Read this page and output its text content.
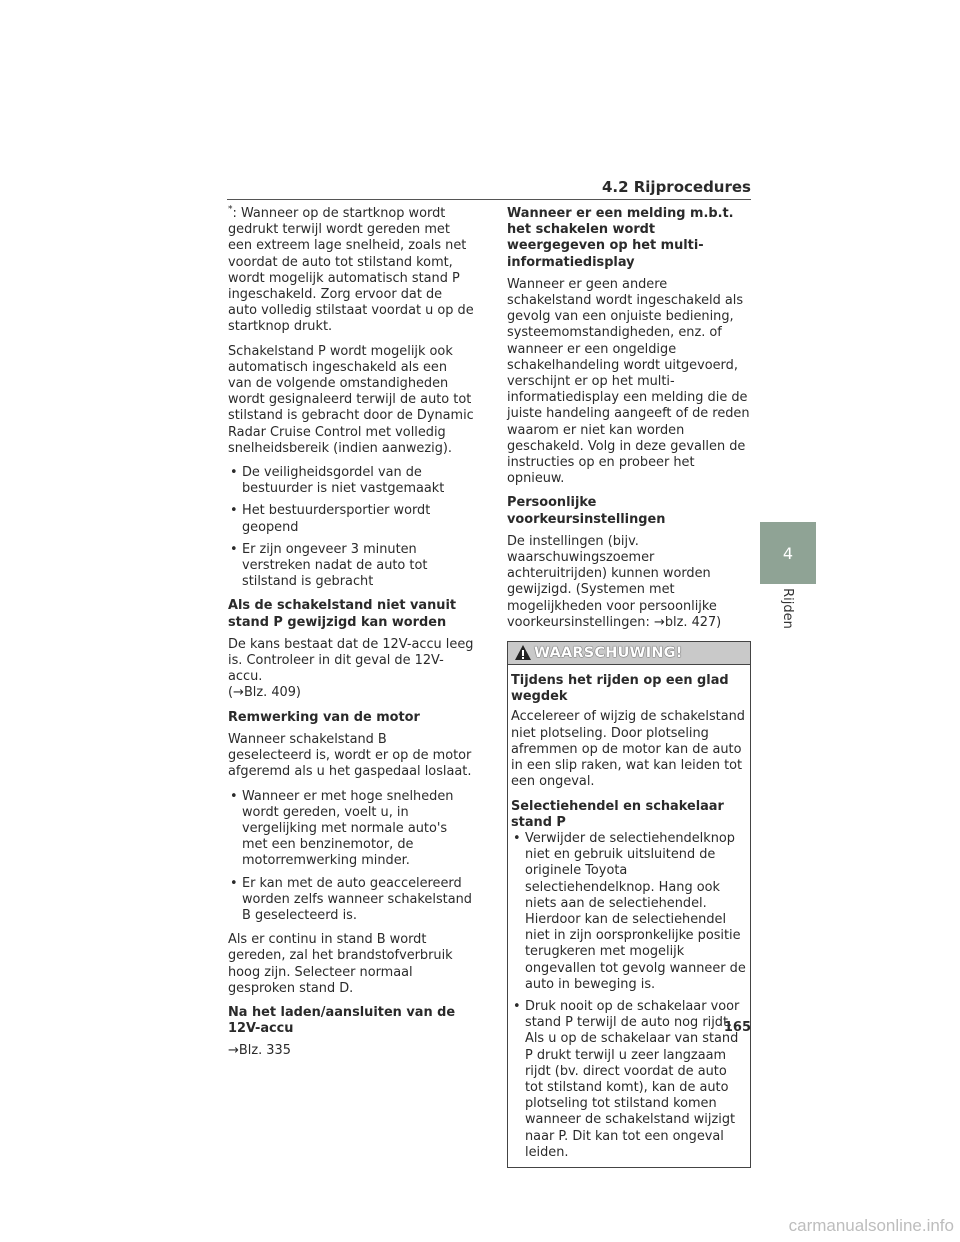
4.2 Rijprocedures

*: Wanneer op de startknop wordt gedrukt terwijl wordt gereden met een extreem lage snelheid, zoals net voordat de auto tot stilstand komt, wordt mogelijk automatisch stand P ingeschakeld. Zorg ervoor dat de auto volledig stilstaat voordat u op de startknop drukt.

Schakelstand P wordt mogelijk ook automatisch ingeschakeld als een van de volgende omstandigheden wordt gesignaleerd terwijl de auto tot stilstand is gebracht door de Dynamic Radar Cruise Control met volledig snelheidsbereik (indien aanwezig).

• De veiligheidsgordel van de bestuurder is niet vastgemaakt
• Het bestuurdersportier wordt geopend
• Er zijn ongeveer 3 minuten verstreken nadat de auto tot stilstand is gebracht

Als de schakelstand niet vanuit stand P gewijzigd kan worden

De kans bestaat dat de 12V-accu leeg is. Controleer in dit geval de 12V-accu.
(→Blz. 409)

Remwerking van de motor

Wanneer schakelstand B geselecteerd is, wordt er op de motor afgeremd als u het gaspedaal loslaat.

• Wanneer er met hoge snelheden wordt gereden, voelt u, in vergelijking met normale auto's met een benzinemotor, de motorremwerking minder.
• Er kan met de auto geaccelereerd worden zelfs wanneer schakelstand B geselecteerd is.

Als er continu in stand B wordt gereden, zal het brandstofverbruik hoog zijn. Selecteer normaal gesproken stand D.

Na het laden/aansluiten van de 12V-accu

→Blz. 335

Wanneer er een melding m.b.t. het schakelen wordt weergegeven op het multi-informatiedisplay

Wanneer er geen andere schakelstand wordt ingeschakeld als gevolg van een onjuiste bediening, systeemomstandigheden, enz. of wanneer er een ongeldige schakelhandeling wordt uitgevoerd, verschijnt er op het multi-informatiedisplay een melding die de juiste handeling aangeeft of de reden waarom er niet kan worden geschakeld. Volg in deze gevallen de instructies op en probeer het opnieuw.

Persoonlijke voorkeursinstellingen

De instellingen (bijv. waarschuwingszoemer achteruitrijden) kunnen worden gewijzigd. (Systemen met mogelijkheden voor persoonlijke voorkeursinstellingen: →blz. 427)

WAARSCHUWING!

Tijdens het rijden op een glad wegdek

Accelereer of wijzig de schakelstand niet plotseling. Door plotseling afremmen op de motor kan de auto in een slip raken, wat kan leiden tot een ongeval.

Selectiehendel en schakelaar stand P

• Verwijder de selectiehendelknop niet en gebruik uitsluitend de originele Toyota selectiehendelknop. Hang ook niets aan de selectiehendel. Hierdoor kan de selectiehendel niet in zijn oorspronkelijke positie terugkeren met mogelijk ongevallen tot gevolg wanneer de auto in beweging is.
• Druk nooit op de schakelaar voor stand P terwijl de auto nog rijdt. Als u op de schakelaar van stand P drukt terwijl u zeer langzaam rijdt (bv. direct voordat de auto tot stilstand komt), kan de auto plotseling tot stilstand komen wanneer de schakelstand wijzigt naar P. Dit kan tot een ongeval leiden.
4
Rijden
165
carmanualsonline.info
